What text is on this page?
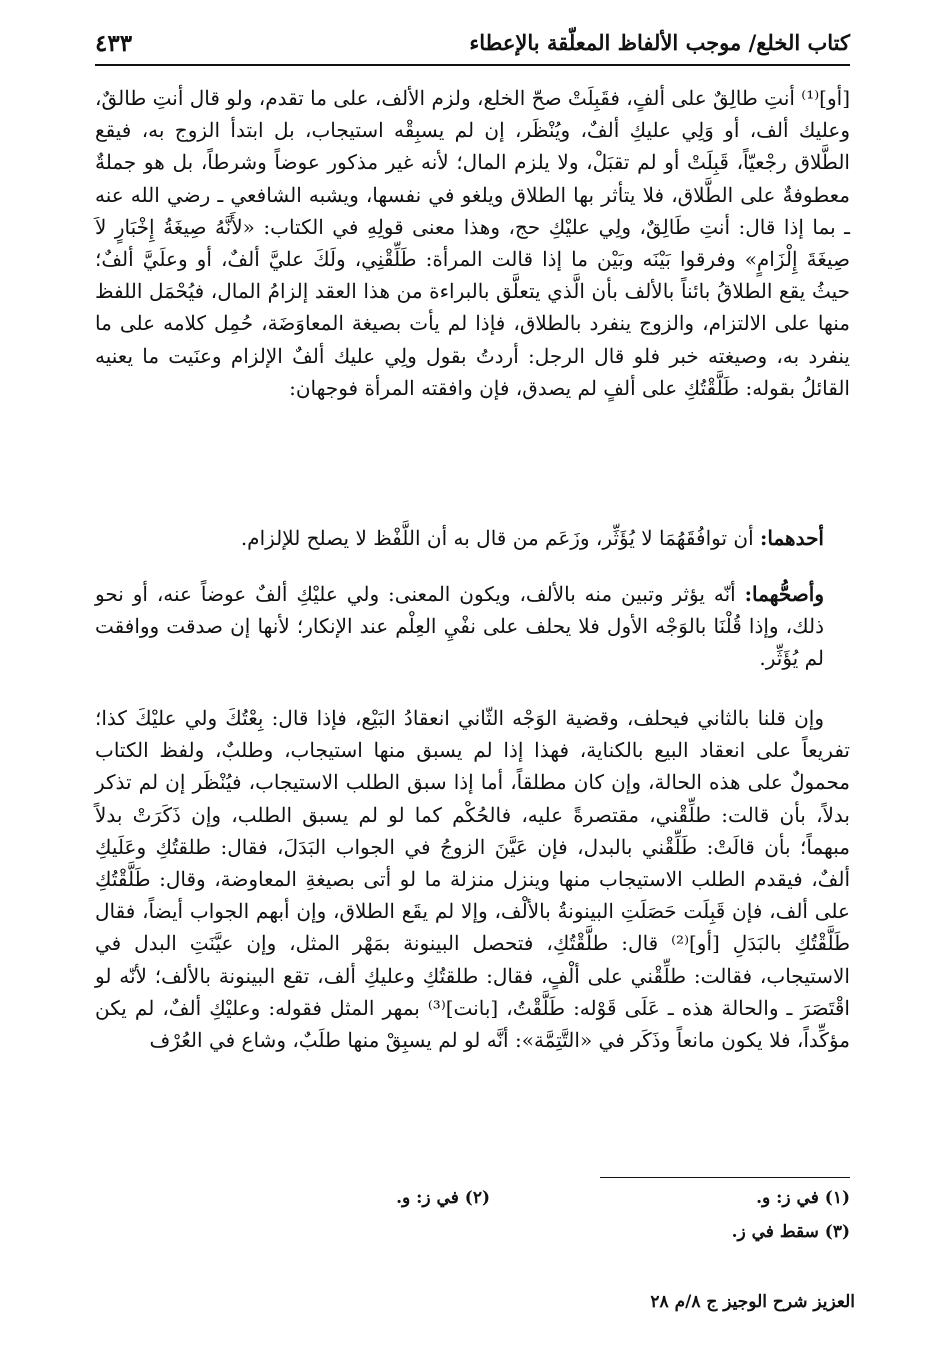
كتاب الخلع/ موجب الألفاظ المعلّقة بالإعطاء
٤٣٣

[أو]⁽¹⁾ أنتِ طالِقٌ على ألفٍ، فقَبِلَتْ صحّ الخلع، ولزم الألف، على ما تقدم، ولو قال أنتِ طالقٌ، وعليك ألف، أو وَلِي عليكِ ألفٌ، ويُنْظَر، إن لم يسبِقْه استيجاب، بل ابتدأ الزوج به، فيقع الطَّلاق رجْعيّاً، قَبِلَتْ أو لم تقبَلْ، ولا يلزم المال؛ لأنه غير مذكور عوضاً وشرطاً، بل هو جملةٌ معطوفةٌ على الطَّلاق، فلا يتأثر بها الطلاق ويلغو في نفسها، ويشبه الشافعي ـ رضي الله عنه ـ بما إذا قال: أنتِ طَالِقٌ، ولِي عليْكِ حج، وهذا معنى قولِهِ في الكتاب: «لأَنَّهُ صِيغَةُ إِخْبَارٍ لاَ صِيغَةَ إِلْزَامٍ» وفرقوا بَيْنَه وبَيْن ما إذا قالت المرأة: طَلِّقْنِي، ولَكَ عليَّ ألفٌ، أو وعلَيَّ ألفٌ؛ حيثُ يقع الطلاقُ بائناً بالألف بأن الَّذي يتعلَّق بالبراءة من هذا العقد إلزامُ المال، فيُحْمَل اللفظ منها على الالتزام، والزوج ينفرد بالطلاق، فإذا لم يأت بصيغة المعاوَضَة، حُمِل كلامه على ما ينفرد به، وصيغته خبر فلو قال الرجل: أردتُ بقول ولِي عليك ألفٌ الإلزام وعنَيت ما يعنيه القائلُ بقوله: طَلَّقْتُكِ على ألفٍ لم يصدق، فإن وافقته المرأة فوجهان:

أحدهما: أن توافُقَهُمَا لا يُؤَثِّر، وزَعَم من قال به أن اللَّفْظ لا يصلح للإلزام.

وأصحُّهما: أنّه يؤثر وتبين منه بالألف، ويكون المعنى: ولي عليْكِ ألفٌ عوضاً عنه، أو نحو ذلك، وإذا قُلْنَا بالوَجْه الأول فلا يحلف على نفْيِ العِلْم عند الإنكار؛ لأنها إن صدقت ووافقت لم يُؤَثِّر.

وإن قلنا بالثاني فيحلف، وقضية الوَجْه الثّاني انعقادُ البَيْع، فإذا قال: بِعْتُكَ ولي عليْكَ كذا؛ تفريعاً على انعقاد البيع بالكناية، فهذا إذا لم يسبق منها استيجاب، وطلبٌ، ولفظ الكتاب محمولٌ على هذه الحالة، وإن كان مطلقاً، أما إذا سبق الطلب الاستيجاب، فيُنْظَر إن لم تذكر بدلاً، بأن قالت: طلِّقْني، مقتصرةً عليه، فالحُكْم كما لو لم يسبق الطلب، وإن ذَكَرَتْ بدلاً مبهماً؛ بأن قالَتْ: طَلِّقْني بالبدل، فإن عَيَّنَ الزوجُ في الجواب البَدَلَ، فقال: طلقتُكِ وعَلَيكِ ألفٌ، فيقدم الطلب الاستيجاب منها وينزل منزلة ما لو أتى بصيغةِ المعاوضة، وقال: طَلَّقْتُكِ على ألف، فإن قَبِلَت حَصَلَتِ البينونةُ بالألْف، وإلا لم يقَع الطلاق، وإن أبهم الجواب أيضاً، فقال طَلَّقْتُكِ بالبَدَلِ [أو]⁽²⁾ قال: طلَّقْتُكِ، فتحصل البينونة بمَهْر المثل، وإن عيَّنَتِ البدل في الاستيجاب، فقالت: طلِّقْني على ألْفٍ، فقال: طلقتُكِ وعليكِ ألف، تقع البينونة بالألف؛ لأنّه لو اقْتَصَرَ ـ والحالة هذه ـ عَلَى قَوْله: طَلَّقْتُ، [بانت]⁽³⁾ بمهر المثل فقوله: وعليْكِ ألفٌ، لم يكن مؤكِّداً، فلا يكون مانعاً وذَكَر في «التَّتِمَّة»: أنَّه لو لم يسبِقْ منها طلَبٌ، وشاع في العُرْف

(١) في ز: و.
(٢) في ز: و.
(٣) سقط في ز.
العزيز شرح الوجيز ج ٨/م ٢٨
